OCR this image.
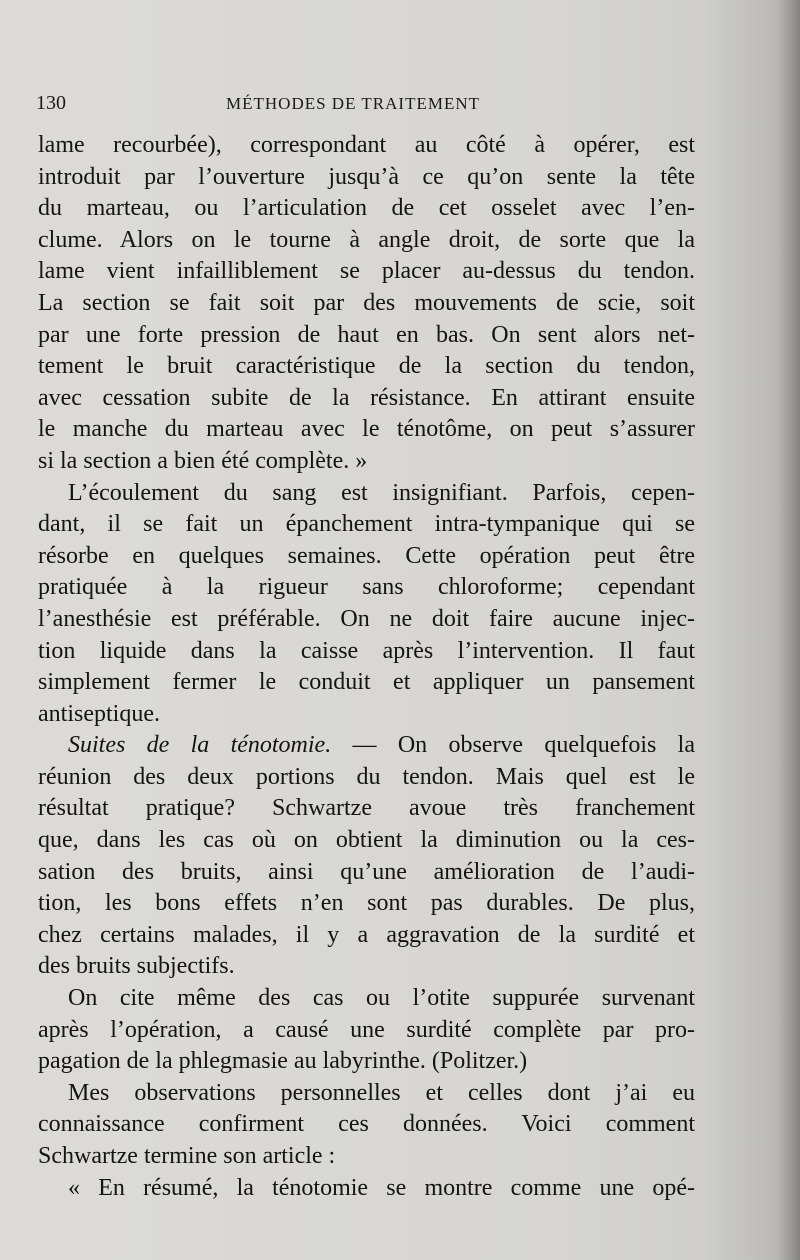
130	MÉTHODES DE TRAITEMENT
lame recourbée), correspondant au côté à opérer, est
introduit par l’ouverture jusqu’à ce qu’on sente la tête
du marteau, ou l’articulation de cet osselet avec l’en-
clume. Alors on le tourne à angle droit, de sorte que la
lame vient infailliblement se placer au-dessus du tendon.
La section se fait soit par des mouvements de scie, soit
par une forte pression de haut en bas. On sent alors net-
tement le bruit caractéristique de la section du tendon,
avec cessation subite de la résistance. En attirant ensuite
le manche du marteau avec le ténotôme, on peut s’assurer
si la section a bien été complète. »
L’écoulement du sang est insignifiant. Parfois, cepen-
dant, il se fait un épanchement intra-tympanique qui se
résorbe en quelques semaines. Cette opération peut être
pratiquée à la rigueur sans chloroforme; cependant
l’anesthésie est préférable. On ne doit faire aucune injec-
tion liquide dans la caisse après l’intervention. Il faut
simplement fermer le conduit et appliquer un pansement
antiseptique.
Suites de la ténotomie. — On observe quelquefois la
réunion des deux portions du tendon. Mais quel est le
résultat pratique? Schwartze avoue très franchement
que, dans les cas où on obtient la diminution ou la ces-
sation des bruits, ainsi qu’une amélioration de l’audi-
tion, les bons effets n’en sont pas durables. De plus,
chez certains malades, il y a aggravation de la surdité et
des bruits subjectifs.
On cite même des cas ou l’otite suppurée survenant
après l’opération, a causé une surdité complète par pro-
pagation de la phlegmasie au labyrinthe. (Politzer.)
Mes observations personnelles et celles dont j’ai eu
connaissance confirment ces données. Voici comment
Schwartze termine son article :
« En résumé, la ténotomie se montre comme une opé-
